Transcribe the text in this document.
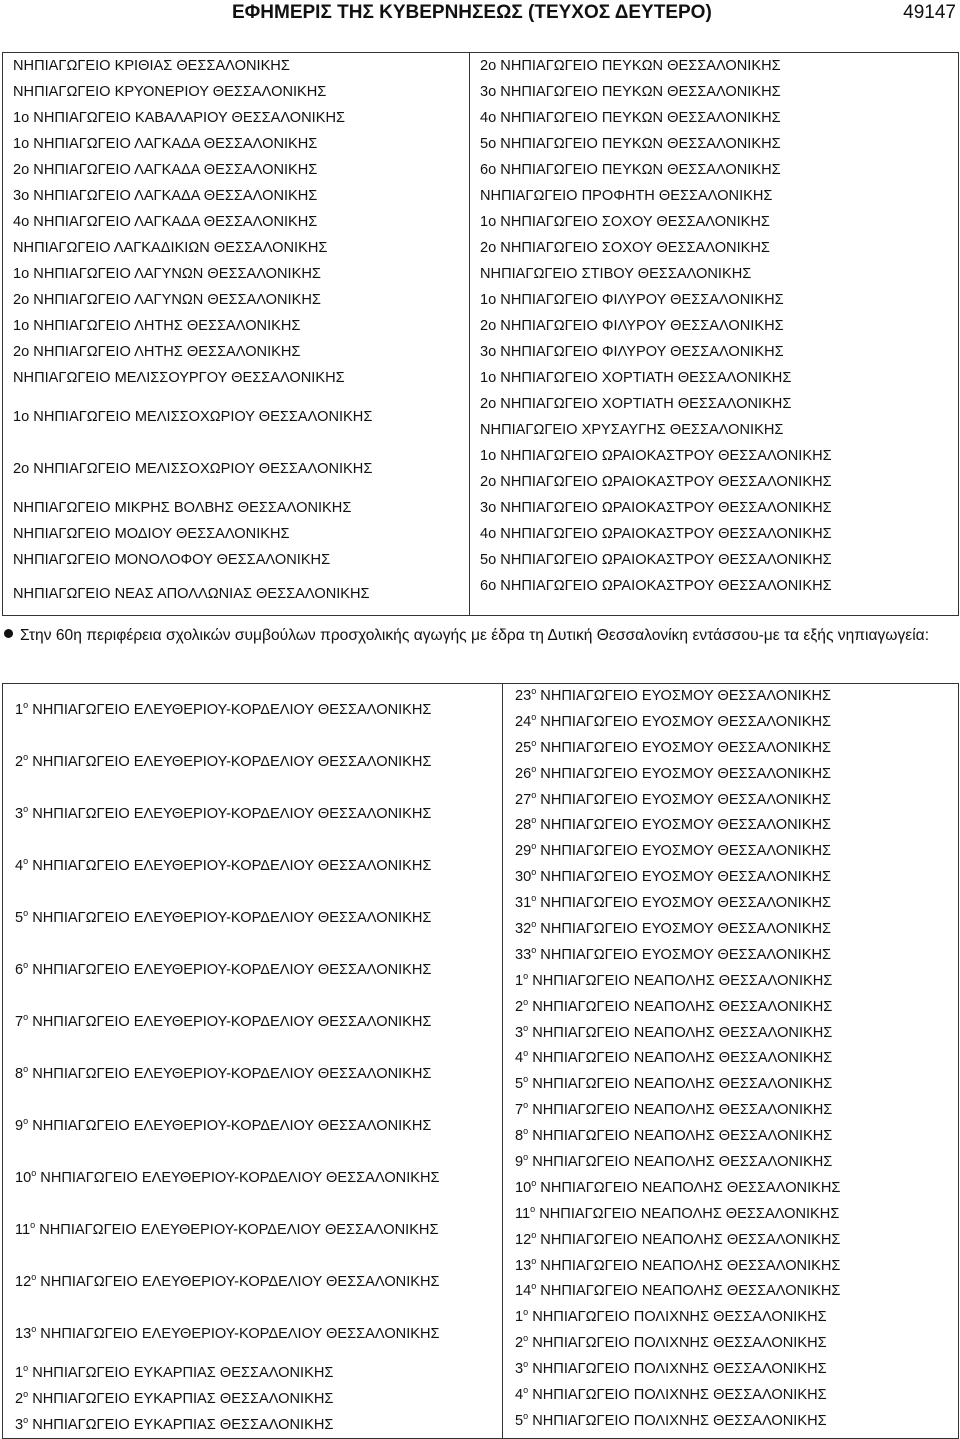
ΕΦΗΜΕΡΙΣ ΤΗΣ ΚΥΒΕΡΝΗΣΕΩΣ (ΤΕΥΧΟΣ ΔΕΥΤΕΡΟ)	49147
ΝΗΠΙΑΓΩΓΕΙΟ ΚΡΙΘΙΑΣ ΘΕΣΣΑΛΟΝΙΚΗΣ
ΝΗΠΙΑΓΩΓΕΙΟ ΚΡΥΟΝΕΡΙΟΥ ΘΕΣΣΑΛΟΝΙΚΗΣ
1ο ΝΗΠΙΑΓΩΓΕΙΟ ΚΑΒΑΛΑΡΙΟΥ ΘΕΣΣΑΛΟΝΙΚΗΣ
1ο ΝΗΠΙΑΓΩΓΕΙΟ ΛΑΓΚΑΔΑ ΘΕΣΣΑΛΟΝΙΚΗΣ
2ο ΝΗΠΙΑΓΩΓΕΙΟ ΛΑΓΚΑΔΑ ΘΕΣΣΑΛΟΝΙΚΗΣ
3ο ΝΗΠΙΑΓΩΓΕΙΟ ΛΑΓΚΑΔΑ ΘΕΣΣΑΛΟΝΙΚΗΣ
4ο ΝΗΠΙΑΓΩΓΕΙΟ ΛΑΓΚΑΔΑ ΘΕΣΣΑΛΟΝΙΚΗΣ
ΝΗΠΙΑΓΩΓΕΙΟ ΛΑΓΚΑΔΙΚΙΩΝ ΘΕΣΣΑΛΟΝΙΚΗΣ
1ο ΝΗΠΙΑΓΩΓΕΙΟ ΛΑΓΥΝΩΝ ΘΕΣΣΑΛΟΝΙΚΗΣ
2ο ΝΗΠΙΑΓΩΓΕΙΟ ΛΑΓΥΝΩΝ ΘΕΣΣΑΛΟΝΙΚΗΣ
1ο ΝΗΠΙΑΓΩΓΕΙΟ ΛΗΤΗΣ ΘΕΣΣΑΛΟΝΙΚΗΣ
2ο ΝΗΠΙΑΓΩΓΕΙΟ ΛΗΤΗΣ ΘΕΣΣΑΛΟΝΙΚΗΣ
ΝΗΠΙΑΓΩΓΕΙΟ ΜΕΛΙΣΣΟΥΡΓΟΥ ΘΕΣΣΑΛΟΝΙΚΗΣ
1ο ΝΗΠΙΑΓΩΓΕΙΟ ΜΕΛΙΣΣΟΧΩΡΙΟΥ ΘΕΣΣΑΛΟΝΙΚΗΣ
2ο ΝΗΠΙΑΓΩΓΕΙΟ ΜΕΛΙΣΣΟΧΩΡΙΟΥ ΘΕΣΣΑΛΟΝΙΚΗΣ
ΝΗΠΙΑΓΩΓΕΙΟ ΜΙΚΡΗΣ ΒΟΛΒΗΣ ΘΕΣΣΑΛΟΝΙΚΗΣ
ΝΗΠΙΑΓΩΓΕΙΟ ΜΟΔΙΟΥ ΘΕΣΣΑΛΟΝΙΚΗΣ
ΝΗΠΙΑΓΩΓΕΙΟ ΜΟΝΟΛΟΦΟΥ ΘΕΣΣΑΛΟΝΙΚΗΣ
ΝΗΠΙΑΓΩΓΕΙΟ ΝΕΑΣ ΑΠΟΛΛΩΝΙΑΣ ΘΕΣΣΑΛΟΝΙΚΗΣ

2ο ΝΗΠΙΑΓΩΓΕΙΟ ΠΕΥΚΩΝ ΘΕΣΣΑΛΟΝΙΚΗΣ
3ο ΝΗΠΙΑΓΩΓΕΙΟ ΠΕΥΚΩΝ ΘΕΣΣΑΛΟΝΙΚΗΣ
4ο ΝΗΠΙΑΓΩΓΕΙΟ ΠΕΥΚΩΝ ΘΕΣΣΑΛΟΝΙΚΗΣ
5ο ΝΗΠΙΑΓΩΓΕΙΟ ΠΕΥΚΩΝ ΘΕΣΣΑΛΟΝΙΚΗΣ
6ο ΝΗΠΙΑΓΩΓΕΙΟ ΠΕΥΚΩΝ ΘΕΣΣΑΛΟΝΙΚΗΣ
ΝΗΠΙΑΓΩΓΕΙΟ ΠΡΟΦΗΤΗ ΘΕΣΣΑΛΟΝΙΚΗΣ
1ο ΝΗΠΙΑΓΩΓΕΙΟ ΣΟΧΟΥ ΘΕΣΣΑΛΟΝΙΚΗΣ
2ο ΝΗΠΙΑΓΩΓΕΙΟ ΣΟΧΟΥ ΘΕΣΣΑΛΟΝΙΚΗΣ
ΝΗΠΙΑΓΩΓΕΙΟ ΣΤΙΒΟΥ ΘΕΣΣΑΛΟΝΙΚΗΣ
1ο ΝΗΠΙΑΓΩΓΕΙΟ ΦΙΛΥΡΟΥ ΘΕΣΣΑΛΟΝΙΚΗΣ
2ο ΝΗΠΙΑΓΩΓΕΙΟ ΦΙΛΥΡΟΥ ΘΕΣΣΑΛΟΝΙΚΗΣ
3ο ΝΗΠΙΑΓΩΓΕΙΟ ΦΙΛΥΡΟΥ ΘΕΣΣΑΛΟΝΙΚΗΣ
1ο ΝΗΠΙΑΓΩΓΕΙΟ ΧΟΡΤΙΑΤΗ ΘΕΣΣΑΛΟΝΙΚΗΣ
2ο ΝΗΠΙΑΓΩΓΕΙΟ ΧΟΡΤΙΑΤΗ ΘΕΣΣΑΛΟΝΙΚΗΣ
ΝΗΠΙΑΓΩΓΕΙΟ ΧΡΥΣΑΥΓΗΣ ΘΕΣΣΑΛΟΝΙΚΗΣ
1ο ΝΗΠΙΑΓΩΓΕΙΟ ΩΡΑΙΟΚΑΣΤΡΟΥ ΘΕΣΣΑΛΟΝΙΚΗΣ
2ο ΝΗΠΙΑΓΩΓΕΙΟ ΩΡΑΙΟΚΑΣΤΡΟΥ ΘΕΣΣΑΛΟΝΙΚΗΣ
3ο ΝΗΠΙΑΓΩΓΕΙΟ ΩΡΑΙΟΚΑΣΤΡΟΥ ΘΕΣΣΑΛΟΝΙΚΗΣ
4ο ΝΗΠΙΑΓΩΓΕΙΟ ΩΡΑΙΟΚΑΣΤΡΟΥ ΘΕΣΣΑΛΟΝΙΚΗΣ
5ο ΝΗΠΙΑΓΩΓΕΙΟ ΩΡΑΙΟΚΑΣΤΡΟΥ ΘΕΣΣΑΛΟΝΙΚΗΣ
6ο ΝΗΠΙΑΓΩΓΕΙΟ ΩΡΑΙΟΚΑΣΤΡΟΥ ΘΕΣΣΑΛΟΝΙΚΗΣ
Στην 60η περιφέρεια σχολικών συμβούλων προσχολικής αγωγής με έδρα τη Δυτική Θεσσαλονίκη εντάσσου-με τα εξής νηπιαγωγεία:
$1^o$ ΝΗΠΙΑΓΩΓΕΙΟ ΕΛΕΥΘΕΡΙΟΥ-ΚΟΡΔΕΛΙΟΥ ΘΕΣΣΑΛΟΝΙΚΗΣ
$2^o$ ΝΗΠΙΑΓΩΓΕΙΟ ΕΛΕΥΘΕΡΙΟΥ-ΚΟΡΔΕΛΙΟΥ ΘΕΣΣΑΛΟΝΙΚΗΣ
$3^o$ ΝΗΠΙΑΓΩΓΕΙΟ ΕΛΕΥΘΕΡΙΟΥ-ΚΟΡΔΕΛΙΟΥ ΘΕΣΣΑΛΟΝΙΚΗΣ
$4^o$ ΝΗΠΙΑΓΩΓΕΙΟ ΕΛΕΥΘΕΡΙΟΥ-ΚΟΡΔΕΛΙΟΥ ΘΕΣΣΑΛΟΝΙΚΗΣ
$5^o$ ΝΗΠΙΑΓΩΓΕΙΟ ΕΛΕΥΘΕΡΙΟΥ-ΚΟΡΔΕΛΙΟΥ ΘΕΣΣΑΛΟΝΙΚΗΣ
$6^o$ ΝΗΠΙΑΓΩΓΕΙΟ ΕΛΕΥΘΕΡΙΟΥ-ΚΟΡΔΕΛΙΟΥ ΘΕΣΣΑΛΟΝΙΚΗΣ
$7^o$ ΝΗΠΙΑΓΩΓΕΙΟ ΕΛΕΥΘΕΡΙΟΥ-ΚΟΡΔΕΛΙΟΥ ΘΕΣΣΑΛΟΝΙΚΗΣ
$8^o$ ΝΗΠΙΑΓΩΓΕΙΟ ΕΛΕΥΘΕΡΙΟΥ-ΚΟΡΔΕΛΙΟΥ ΘΕΣΣΑΛΟΝΙΚΗΣ
$9^o$ ΝΗΠΙΑΓΩΓΕΙΟ ΕΛΕΥΘΕΡΙΟΥ-ΚΟΡΔΕΛΙΟΥ ΘΕΣΣΑΛΟΝΙΚΗΣ
$10^o$ ΝΗΠΙΑΓΩΓΕΙΟ ΕΛΕΥΘΕΡΙΟΥ-ΚΟΡΔΕΛΙΟΥ ΘΕΣΣΑΛΟΝΙΚΗΣ
$11^o$ ΝΗΠΙΑΓΩΓΕΙΟ ΕΛΕΥΘΕΡΙΟΥ-ΚΟΡΔΕΛΙΟΥ ΘΕΣΣΑΛΟΝΙΚΗΣ
$12^o$ ΝΗΠΙΑΓΩΓΕΙΟ ΕΛΕΥΘΕΡΙΟΥ-ΚΟΡΔΕΛΙΟΥ ΘΕΣΣΑΛΟΝΙΚΗΣ
$13^o$ ΝΗΠΙΑΓΩΓΕΙΟ ΕΛΕΥΘΕΡΙΟΥ-ΚΟΡΔΕΛΙΟΥ ΘΕΣΣΑΛΟΝΙΚΗΣ
$1^o$ ΝΗΠΙΑΓΩΓΕΙΟ ΕΥΚΑΡΠΙΑΣ ΘΕΣΣΑΛΟΝΙΚΗΣ
$2^o$ ΝΗΠΙΑΓΩΓΕΙΟ ΕΥΚΑΡΠΙΑΣ ΘΕΣΣΑΛΟΝΙΚΗΣ
$3^o$ ΝΗΠΙΑΓΩΓΕΙΟ ΕΥΚΑΡΠΙΑΣ ΘΕΣΣΑΛΟΝΙΚΗΣ

$23^o$ ΝΗΠΙΑΓΩΓΕΙΟ ΕΥΟΣΜΟΥ ΘΕΣΣΑΛΟΝΙΚΗΣ
$24^o$ ΝΗΠΙΑΓΩΓΕΙΟ ΕΥΟΣΜΟΥ ΘΕΣΣΑΛΟΝΙΚΗΣ
$25^o$ ΝΗΠΙΑΓΩΓΕΙΟ ΕΥΟΣΜΟΥ ΘΕΣΣΑΛΟΝΙΚΗΣ
$26^o$ ΝΗΠΙΑΓΩΓΕΙΟ ΕΥΟΣΜΟΥ ΘΕΣΣΑΛΟΝΙΚΗΣ
$27^o$ ΝΗΠΙΑΓΩΓΕΙΟ ΕΥΟΣΜΟΥ ΘΕΣΣΑΛΟΝΙΚΗΣ
$28^o$ ΝΗΠΙΑΓΩΓΕΙΟ ΕΥΟΣΜΟΥ ΘΕΣΣΑΛΟΝΙΚΗΣ
$29^o$ ΝΗΠΙΑΓΩΓΕΙΟ ΕΥΟΣΜΟΥ ΘΕΣΣΑΛΟΝΙΚΗΣ
$30^o$ ΝΗΠΙΑΓΩΓΕΙΟ ΕΥΟΣΜΟΥ ΘΕΣΣΑΛΟΝΙΚΗΣ
$31^o$ ΝΗΠΙΑΓΩΓΕΙΟ ΕΥΟΣΜΟΥ ΘΕΣΣΑΛΟΝΙΚΗΣ
$32^o$ ΝΗΠΙΑΓΩΓΕΙΟ ΕΥΟΣΜΟΥ ΘΕΣΣΑΛΟΝΙΚΗΣ
$33^o$ ΝΗΠΙΑΓΩΓΕΙΟ ΕΥΟΣΜΟΥ ΘΕΣΣΑΛΟΝΙΚΗΣ
$1^o$ ΝΗΠΙΑΓΩΓΕΙΟ ΝΕΑΠΟΛΗΣ ΘΕΣΣΑΛΟΝΙΚΗΣ
$2^o$ ΝΗΠΙΑΓΩΓΕΙΟ ΝΕΑΠΟΛΗΣ ΘΕΣΣΑΛΟΝΙΚΗΣ
$3^o$ ΝΗΠΙΑΓΩΓΕΙΟ ΝΕΑΠΟΛΗΣ ΘΕΣΣΑΛΟΝΙΚΗΣ
$4^o$ ΝΗΠΙΑΓΩΓΕΙΟ ΝΕΑΠΟΛΗΣ ΘΕΣΣΑΛΟΝΙΚΗΣ
$5^o$ ΝΗΠΙΑΓΩΓΕΙΟ ΝΕΑΠΟΛΗΣ ΘΕΣΣΑΛΟΝΙΚΗΣ
$7^o$ ΝΗΠΙΑΓΩΓΕΙΟ ΝΕΑΠΟΛΗΣ ΘΕΣΣΑΛΟΝΙΚΗΣ
$8^o$ ΝΗΠΙΑΓΩΓΕΙΟ ΝΕΑΠΟΛΗΣ ΘΕΣΣΑΛΟΝΙΚΗΣ
$9^o$ ΝΗΠΙΑΓΩΓΕΙΟ ΝΕΑΠΟΛΗΣ ΘΕΣΣΑΛΟΝΙΚΗΣ
$10^o$ ΝΗΠΙΑΓΩΓΕΙΟ ΝΕΑΠΟΛΗΣ ΘΕΣΣΑΛΟΝΙΚΗΣ
$11^o$ ΝΗΠΙΑΓΩΓΕΙΟ ΝΕΑΠΟΛΗΣ ΘΕΣΣΑΛΟΝΙΚΗΣ
$12^o$ ΝΗΠΙΑΓΩΓΕΙΟ ΝΕΑΠΟΛΗΣ ΘΕΣΣΑΛΟΝΙΚΗΣ
$13^o$ ΝΗΠΙΑΓΩΓΕΙΟ ΝΕΑΠΟΛΗΣ ΘΕΣΣΑΛΟΝΙΚΗΣ
$14^o$ ΝΗΠΙΑΓΩΓΕΙΟ ΝΕΑΠΟΛΗΣ ΘΕΣΣΑΛΟΝΙΚΗΣ
$1^o$ ΝΗΠΙΑΓΩΓΕΙΟ ΠΟΛΙΧΝΗΣ ΘΕΣΣΑΛΟΝΙΚΗΣ
$2^o$ ΝΗΠΙΑΓΩΓΕΙΟ ΠΟΛΙΧΝΗΣ ΘΕΣΣΑΛΟΝΙΚΗΣ
$3^o$ ΝΗΠΙΑΓΩΓΕΙΟ ΠΟΛΙΧΝΗΣ ΘΕΣΣΑΛΟΝΙΚΗΣ
$4^o$ ΝΗΠΙΑΓΩΓΕΙΟ ΠΟΛΙΧΝΗΣ ΘΕΣΣΑΛΟΝΙΚΗΣ
$5^o$ ΝΗΠΙΑΓΩΓΕΙΟ ΠΟΛΙΧΝΗΣ ΘΕΣΣΑΛΟΝΙΚΗΣ
